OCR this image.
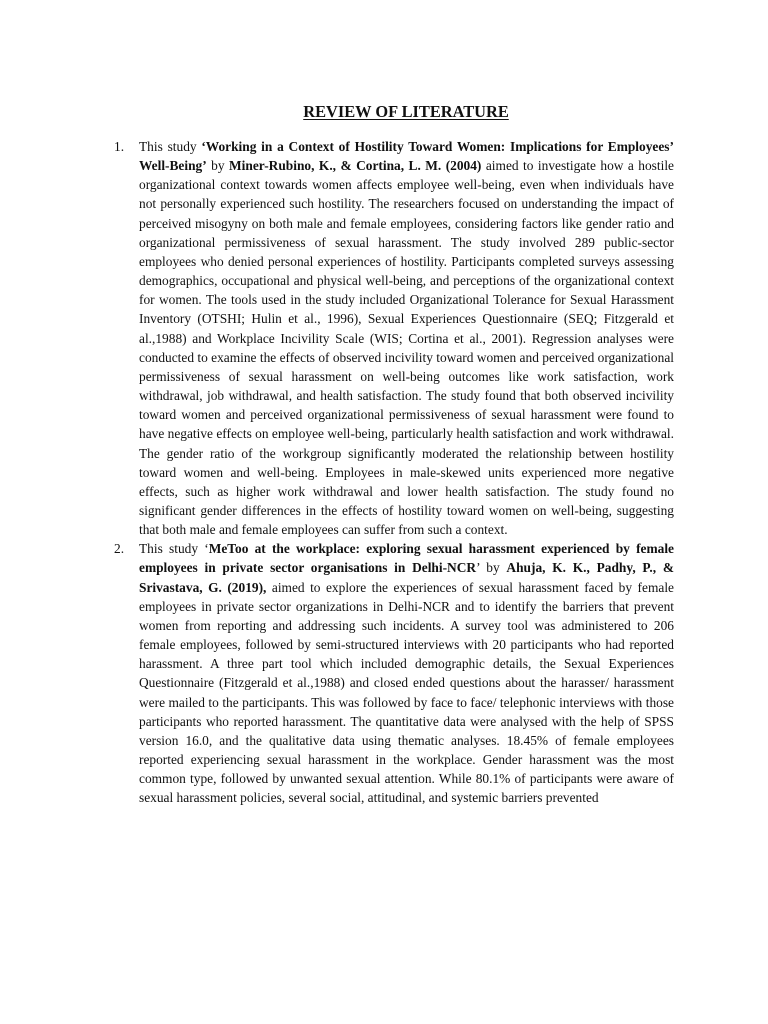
REVIEW OF LITERATURE
1. This study ‘Working in a Context of Hostility Toward Women: Implications for Employees’ Well-Being’ by Miner-Rubino, K., & Cortina, L. M. (2004) aimed to investigate how a hostile organizational context towards women affects employee well-being, even when individuals have not personally experienced such hostility. The researchers focused on understanding the impact of perceived misogyny on both male and female employees, considering factors like gender ratio and organizational permissiveness of sexual harassment. The study involved 289 public-sector employees who denied personal experiences of hostility. Participants completed surveys assessing demographics, occupational and physical well-being, and perceptions of the organizational context for women. The tools used in the study included Organizational Tolerance for Sexual Harassment Inventory (OTSHI; Hulin et al., 1996), Sexual Experiences Questionnaire (SEQ; Fitzgerald et al.,1988) and Workplace Incivility Scale (WIS; Cortina et al., 2001). Regression analyses were conducted to examine the effects of observed incivility toward women and perceived organizational permissiveness of sexual harassment on well-being outcomes like work satisfaction, work withdrawal, job withdrawal, and health satisfaction. The study found that both observed incivility toward women and perceived organizational permissiveness of sexual harassment were found to have negative effects on employee well-being, particularly health satisfaction and work withdrawal. The gender ratio of the workgroup significantly moderated the relationship between hostility toward women and well-being. Employees in male-skewed units experienced more negative effects, such as higher work withdrawal and lower health satisfaction. The study found no significant gender differences in the effects of hostility toward women on well-being, suggesting that both male and female employees can suffer from such a context.
2. This study ‘MeToo at the workplace: exploring sexual harassment experienced by female employees in private sector organisations in Delhi-NCR’ by Ahuja, K. K., Padhy, P., & Srivastava, G. (2019), aimed to explore the experiences of sexual harassment faced by female employees in private sector organizations in Delhi-NCR and to identify the barriers that prevent women from reporting and addressing such incidents. A survey tool was administered to 206 female employees, followed by semi-structured interviews with 20 participants who had reported harassment. A three part tool which included demographic details, the Sexual Experiences Questionnaire (Fitzgerald et al.,1988) and closed ended questions about the harasser/ harassment were mailed to the participants. This was followed by face to face/ telephonic interviews with those participants who reported harassment. The quantitative data were analysed with the help of SPSS version 16.0, and the qualitative data using thematic analyses. 18.45% of female employees reported experiencing sexual harassment in the workplace. Gender harassment was the most common type, followed by unwanted sexual attention. While 80.1% of participants were aware of sexual harassment policies, several social, attitudinal, and systemic barriers prevented
